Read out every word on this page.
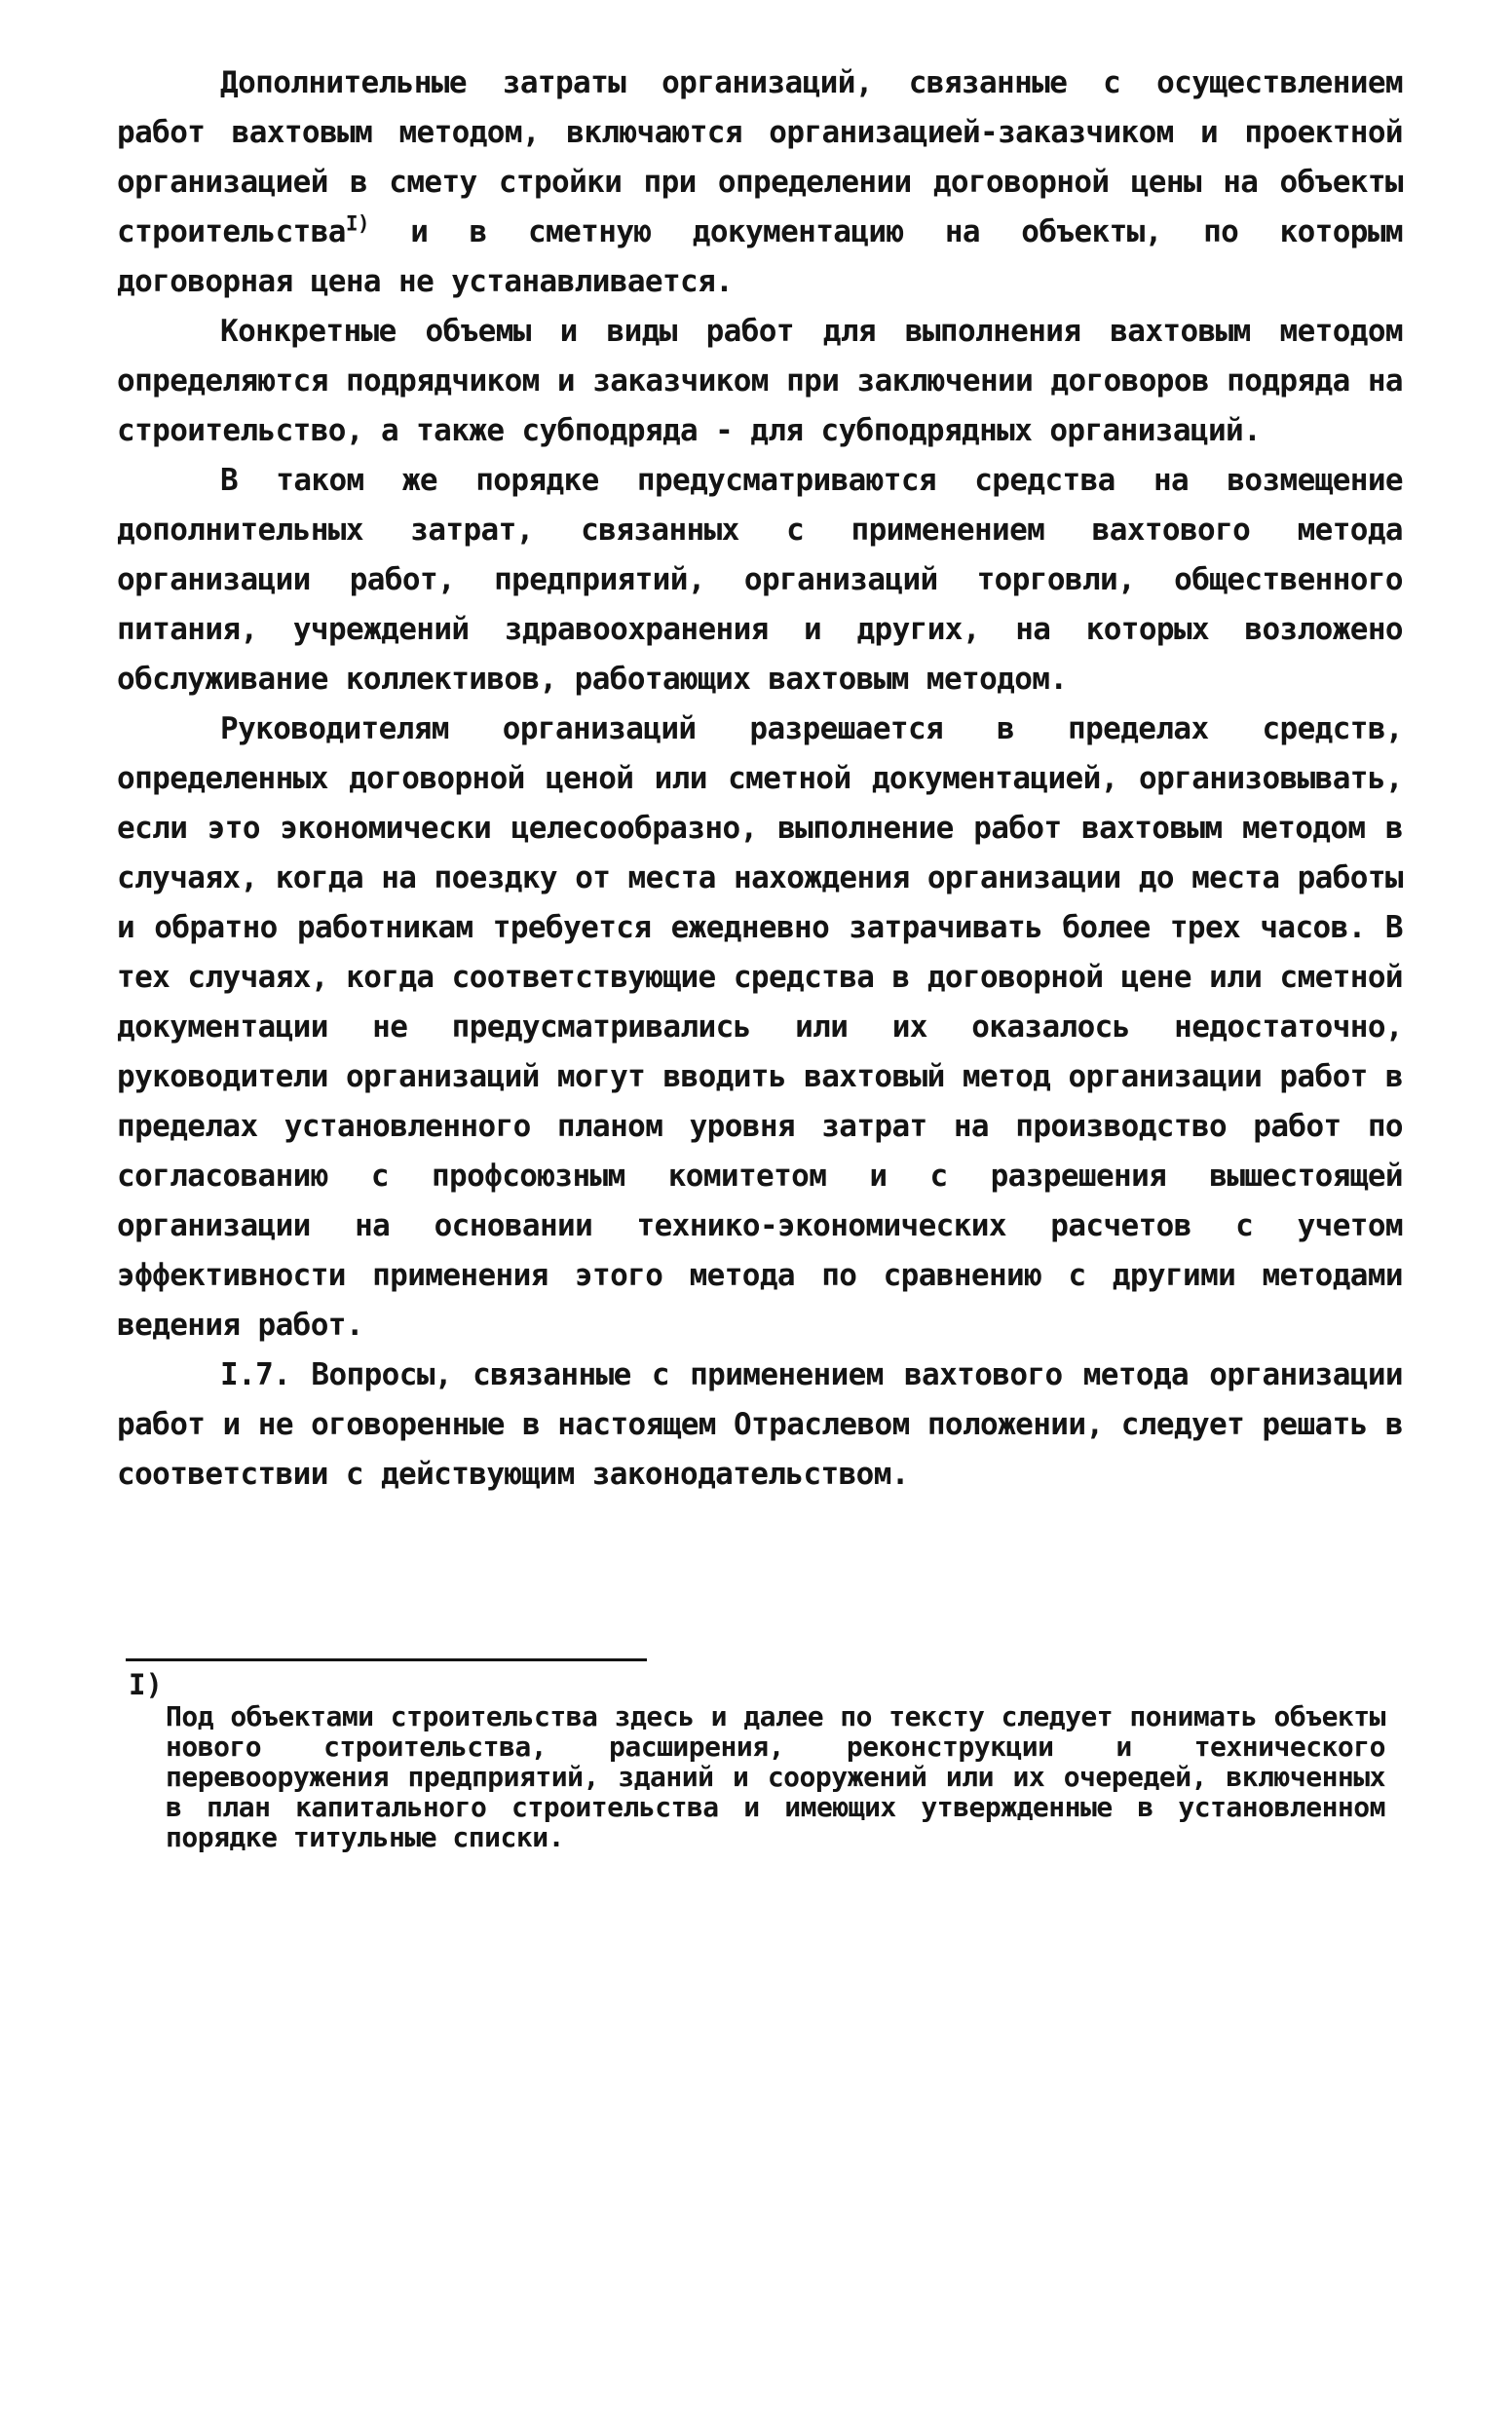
Дополнительные затраты организаций, связанные с осуществлением работ вахтовым методом, включаются организацией-заказчиком и проектной организацией в смету стройки при определении договорной цены на объекты строительства$^{I)}$ и в сметную документацию на объекты, по которым договорная цена не устанавливается.

Конкретные объемы и виды работ для выполнения вахтовым методом определяются подрядчиком и заказчиком при заключении договоров подряда на строительство, а также субподряда - для субподрядных организаций.

В таком же порядке предусматриваются средства на возмещение дополнительных затрат, связанных с применением вахтового метода организации работ, предприятий, организаций торговли, общественного питания, учреждений здравоохранения и других, на которых возложено обслуживание коллективов, работающих вахтовым методом.

Руководителям организаций разрешается в пределах средств, определенных договорной ценой или сметной документацией, организовывать, если это экономически целесообразно, выполнение работ вахтовым методом в случаях, когда на поездку от места нахождения организации до места работы и обратно работникам требуется ежедневно затрачивать более трех часов. В тех случаях, когда соответствующие средства в договорной цене или сметной документации не предусматривались или их оказалось недостаточно, руководители организаций могут вводить вахтовый метод организации работ в пределах установленного планом уровня затрат на производство работ по согласованию с профсоюзным комитетом и с разрешения вышестоящей организации на основании технико-экономических расчетов с учетом эффективности применения этого метода по сравнению с другими методами ведения работ.

I.7. Вопросы, связанные с применением вахтового метода организации работ и не оговоренные в настоящем Отраслевом положении, следует решать в соответствии с действующим законодательством.

I)

Под объектами строительства здесь и далее по тексту следует понимать объекты нового строительства, расширения, реконструкции и технического перевооружения предприятий, зданий и сооружений или их очередей, включенных в план капитального строительства и имеющих утвержденные в установленном порядке титульные списки.
